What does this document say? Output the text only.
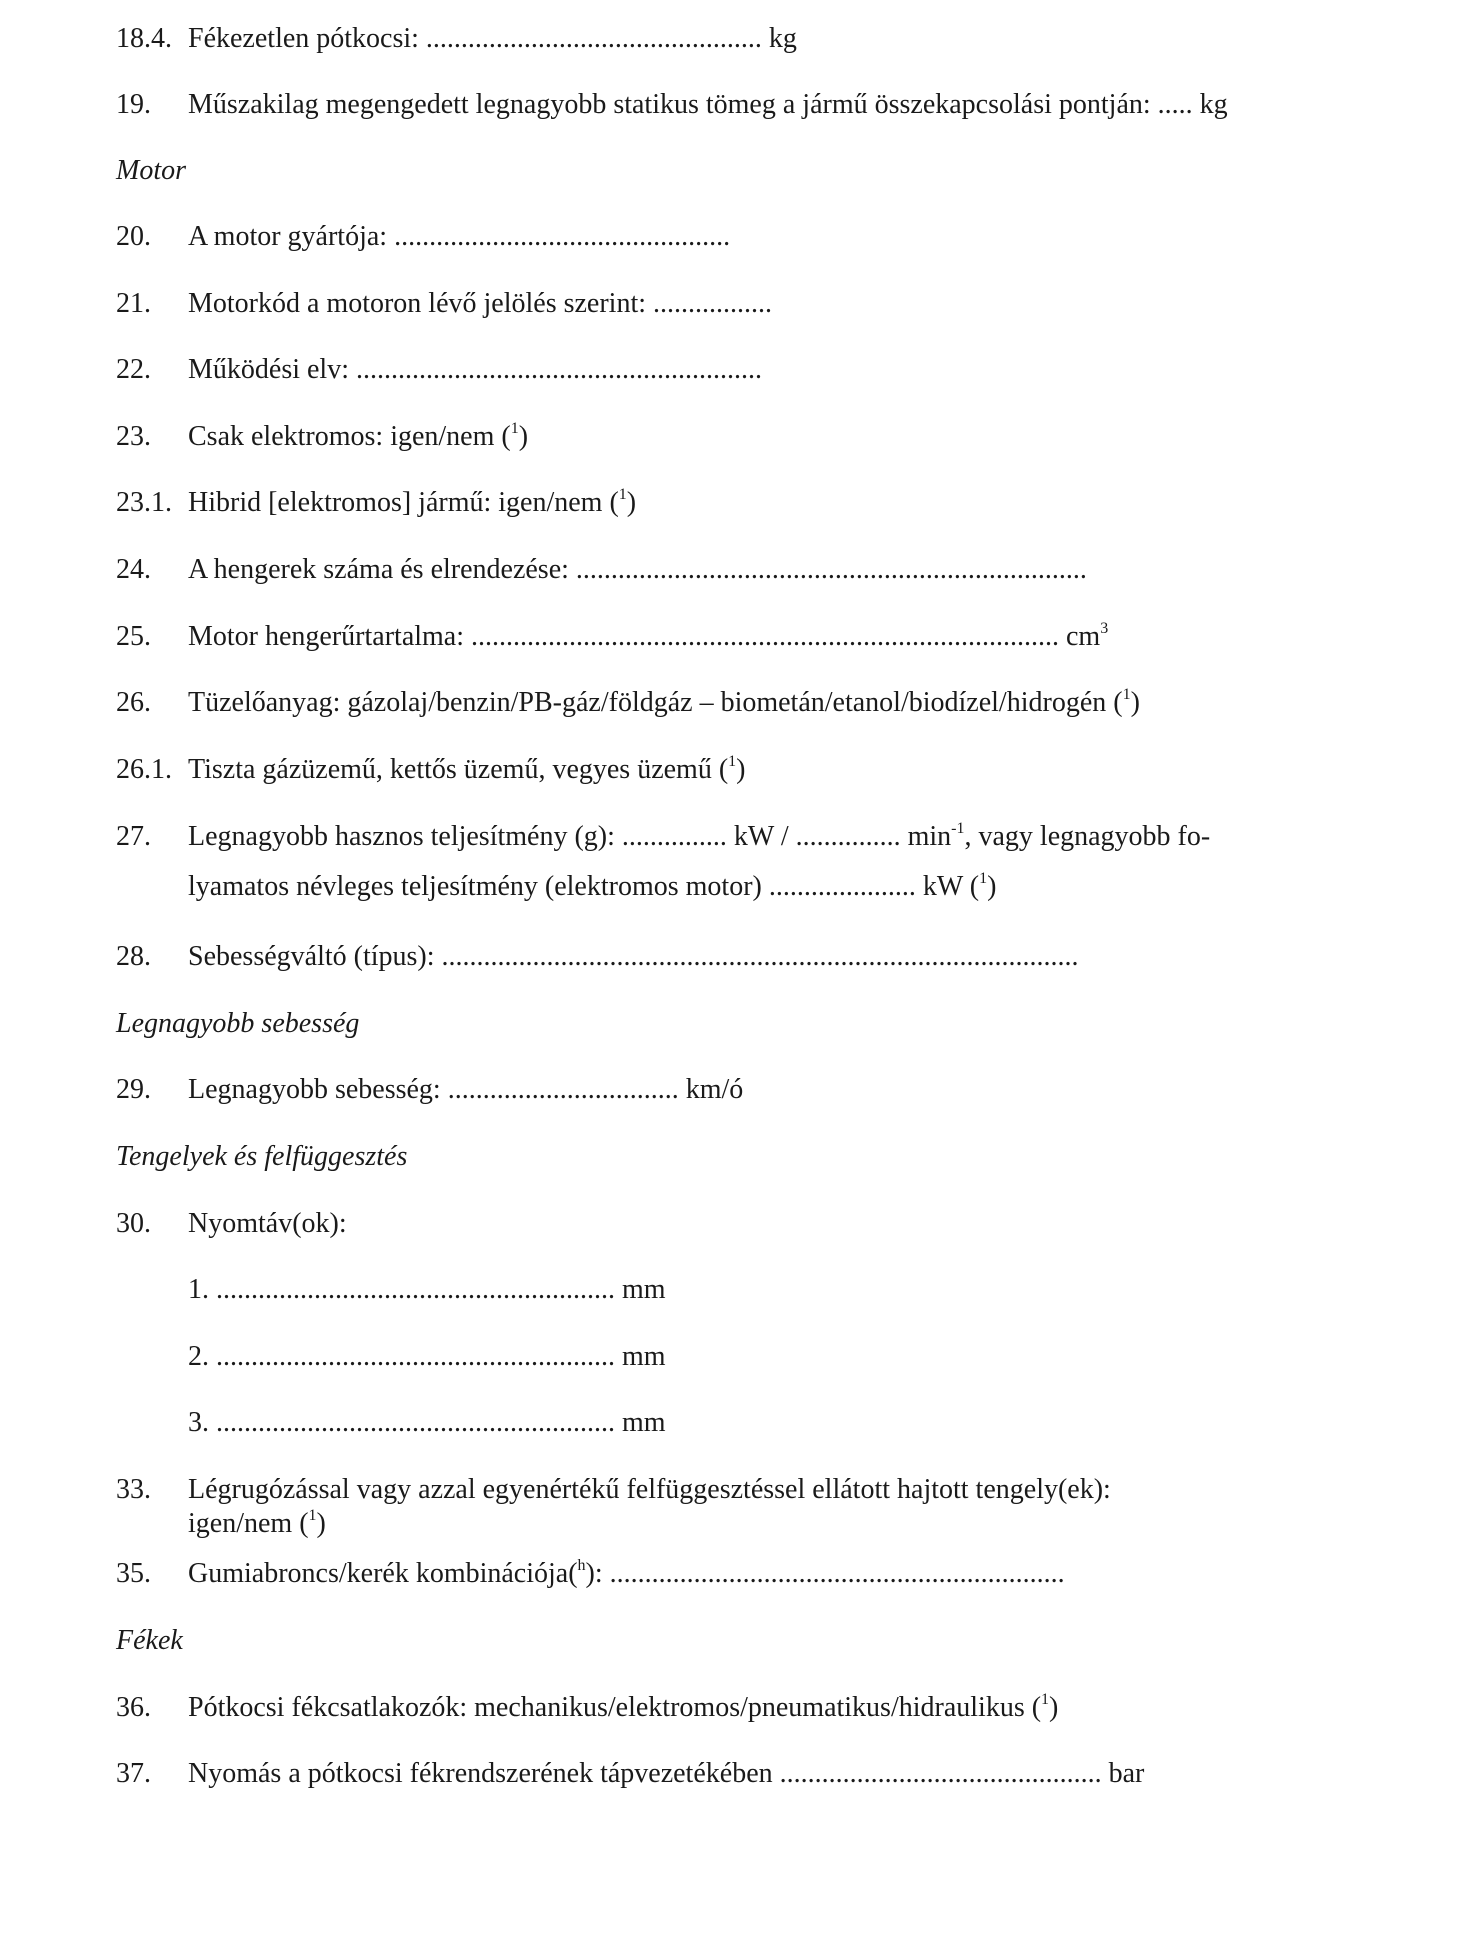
18.4. Fékezetlen pótkocsi: ................................................ kg
19.	Műszakilag megengedett legnagyobb statikus tömeg a jármű összekapcsolási pontján: ..... kg
Motor
20.	A motor gyártója: ................................................
21.	Motorkód a motoron lévő jelölés szerint: .................
22.	Működési elv: ..........................................................
23.	Csak elektromos: igen/nem ($^1$)
23.1. Hibrid [elektromos] jármű: igen/nem ($^1$)
24.	A hengerek száma és elrendezése: .........................................................................
25.	Motor hengerűrtartalma: .................................................................................... $cm^3$
26.	Tüzelőanyag: gázolaj/benzin/PB-gáz/földgáz – biometán/etanol/biodízel/hidrogén ($^1$)
26.1. Tiszta gázüzemű, kettős üzemű, vegyes üzemű ($^1$)
27.	Legnagyobb hasznos teljesítmény (g): ............... kW / ............... $\min^{-1}$, vagy legnagyobb fo-
lyamatos névleges teljesítmény (elektromos motor) ..................... kW ($^1$)
28.	Sebességváltó (típus): ...........................................................................................
Legnagyobb sebesség
29.	Legnagyobb sebesség: ................................. km/ó
Tengelyek és felfüggesztés
30.	Nyomtáv(ok):
1. ......................................................... mm
2. ......................................................... mm
3. ......................................................... mm
33.	Légrugózással vagy azzal egyenértékű felfüggesztéssel ellátott hajtott tengely(ek):
igen/nem ($^1$)
35.	Gumiabroncs/kerék kombinációja($^h$): .................................................................
Fékek
36.	Pótkocsi fékcsatlakozók: mechanikus/elektromos/pneumatikus/hidraulikus ($^1$)
37.	Nyomás a pótkocsi fékrendszerének tápvezetékében .............................................. bar
